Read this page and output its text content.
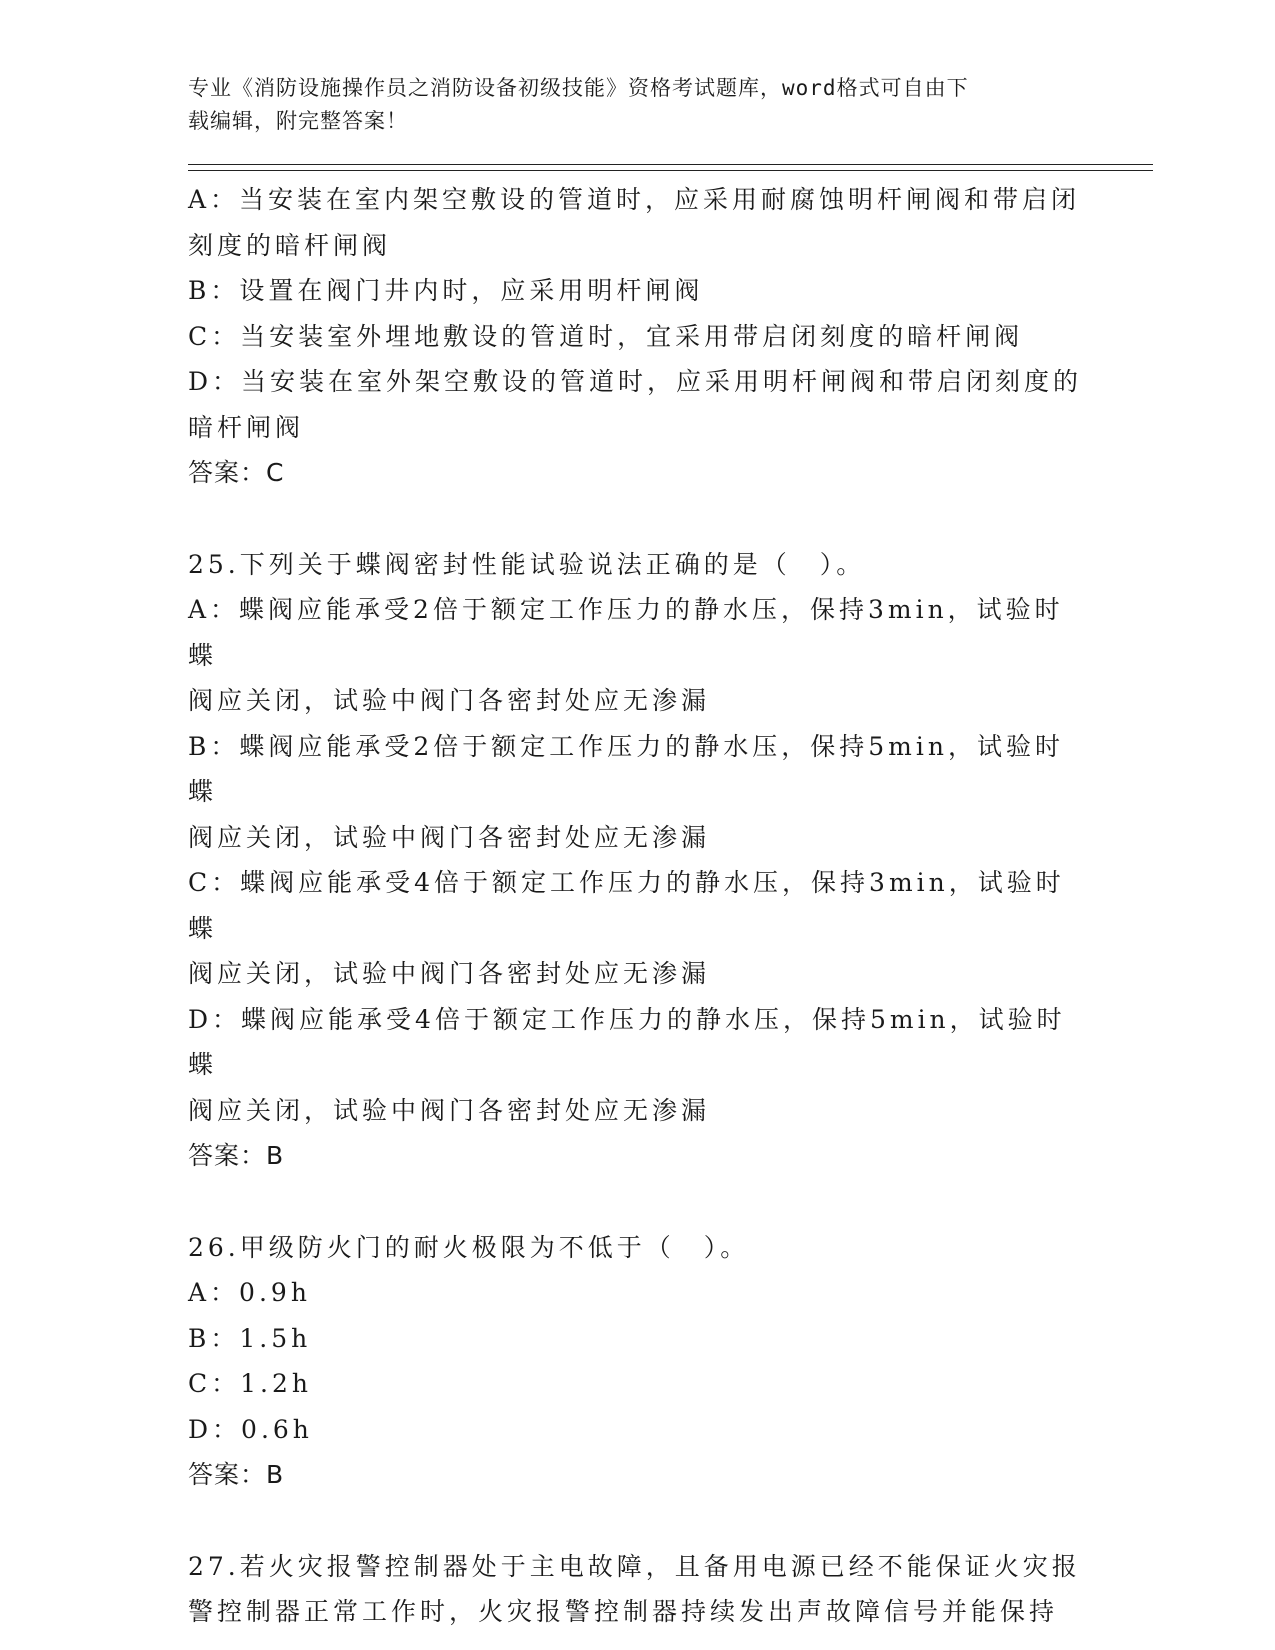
专业《消防设施操作员之消防设备初级技能》资格考试题库，word格式可自由下

载编辑，附完整答案！

A：当安装在室内架空敷设的管道时，应采用耐腐蚀明杆闸阀和带启闭

刻度的暗杆闸阀

B：设置在阀门井内时，应采用明杆闸阀

C：当安装室外埋地敷设的管道时，宜采用带启闭刻度的暗杆闸阀

D：当安装在室外架空敷设的管道时，应采用明杆闸阀和带启闭刻度的

暗杆闸阀

答案：C

25.下列关于蝶阀密封性能试验说法正确的是（　）。

A：蝶阀应能承受2倍于额定工作压力的静水压，保持3min，试验时蝶

阀应关闭，试验中阀门各密封处应无渗漏

B：蝶阀应能承受2倍于额定工作压力的静水压，保持5min，试验时蝶

阀应关闭，试验中阀门各密封处应无渗漏

C：蝶阀应能承受4倍于额定工作压力的静水压，保持3min，试验时蝶

阀应关闭，试验中阀门各密封处应无渗漏

D：蝶阀应能承受4倍于额定工作压力的静水压，保持5min，试验时蝶

阀应关闭，试验中阀门各密封处应无渗漏

答案：B

26.甲级防火门的耐火极限为不低于（　）。

A：0.9h

B：1.5h

C：1.2h

D：0.6h

答案：B

27.若火灾报警控制器处于主电故障，且备用电源已经不能保证火灾报

警控制器正常工作时，火灾报警控制器持续发出声故障信号并能保持
